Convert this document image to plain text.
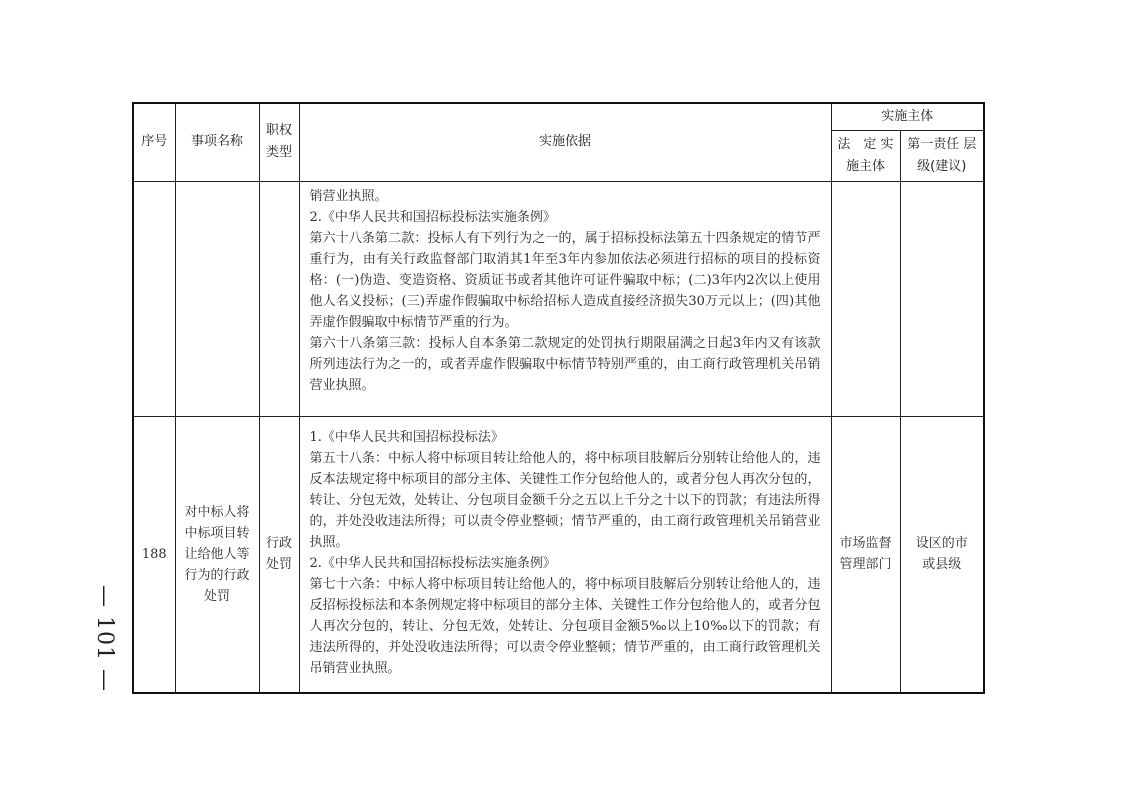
— 101 —
序号	事项名称	职权类型	实施依据	实施主体	
				法　定 实施主体	第一责任 层级(建议)

			销营业执照。

2.《中华人民共和国招标投标法实施条例》

第六十八条第二款：投标人有下列行为之一的，属于招标投标法第五十四条规定的情节严重行为，由有关行政监督部门取消其1年至3年内参加依法必须进行招标的项目的投标资格：(一)伪造、变造资格、资质证书或者其他许可证件骗取中标；(二)3年内2次以上使用他人名义投标；(三)弄虚作假骗取中标给招标人造成直接经济损失30万元以上；(四)其他弄虚作假骗取中标情节严重的行为。

第六十八条第三款：投标人自本条第二款规定的处罚执行期限届满之日起3年内又有该款所列违法行为之一的，或者弄虚作假骗取中标情节特别严重的，由工商行政管理机关吊销营业执照。		

188	对中标人将中标项目转让给他人等行为的行政处罚	行政处罚	1.《中华人民共和国招标投标法》

第五十八条：中标人将中标项目转让给他人的，将中标项目肢解后分别转让给他人的，违反本法规定将中标项目的部分主体、关键性工作分包给他人的，或者分包人再次分包的，转让、分包无效，处转让、分包项目金额千分之五以上千分之十以下的罚款；有违法所得的，并处没收违法所得；可以责令停业整顿；情节严重的，由工商行政管理机关吊销营业执照。

2.《中华人民共和国招标投标法实施条例》

第七十六条：中标人将中标项目转让给他人的，将中标项目肢解后分别转让给他人的，违反招标投标法和本条例规定将中标项目的部分主体、关键性工作分包给他人的，或者分包人再次分包的，转让、分包无效，处转让、分包项目金额5‰以上10‰以下的罚款；有违法所得的，并处没收违法所得；可以责令停业整顿；情节严重的，由工商行政管理机关吊销营业执照。	市场监督管理部门	设区的市或县级
